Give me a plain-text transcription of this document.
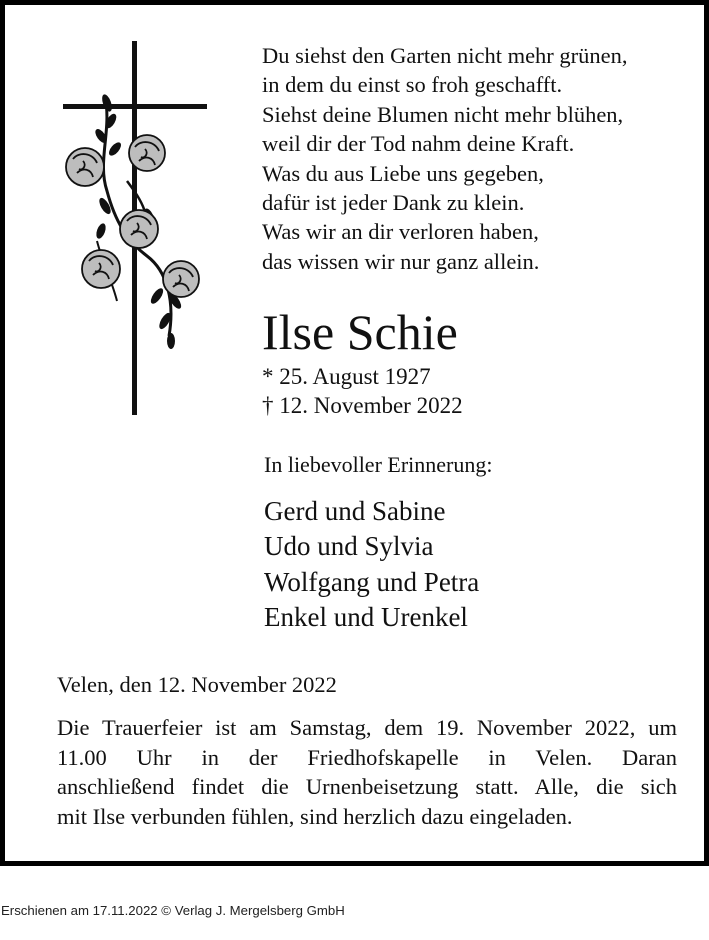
Du siehst den Garten nicht mehr grünen,
in dem du einst so froh geschafft.
Siehst deine Blumen nicht mehr blühen,
weil dir der Tod nahm deine Kraft.
Was du aus Liebe uns gegeben,
dafür ist jeder Dank zu klein.
Was wir an dir verloren haben,
das wissen wir nur ganz allein.
Ilse Schie
* 25. August 1927
† 12. November 2022
In liebevoller Erinnerung:
Gerd und Sabine
Udo und Sylvia
Wolfgang und Petra
Enkel und Urenkel
Velen, den 12. November 2022
Die Trauerfeier ist am Samstag, dem 19. November 2022, um
11.00 Uhr in der Friedhofskapelle in Velen. Daran
anschließend findet die Urnenbeisetzung statt. Alle, die sich
mit Ilse verbunden fühlen, sind herzlich dazu eingeladen.
Erschienen am 17.11.2022 © Verlag J. Mergelsberg GmbH
